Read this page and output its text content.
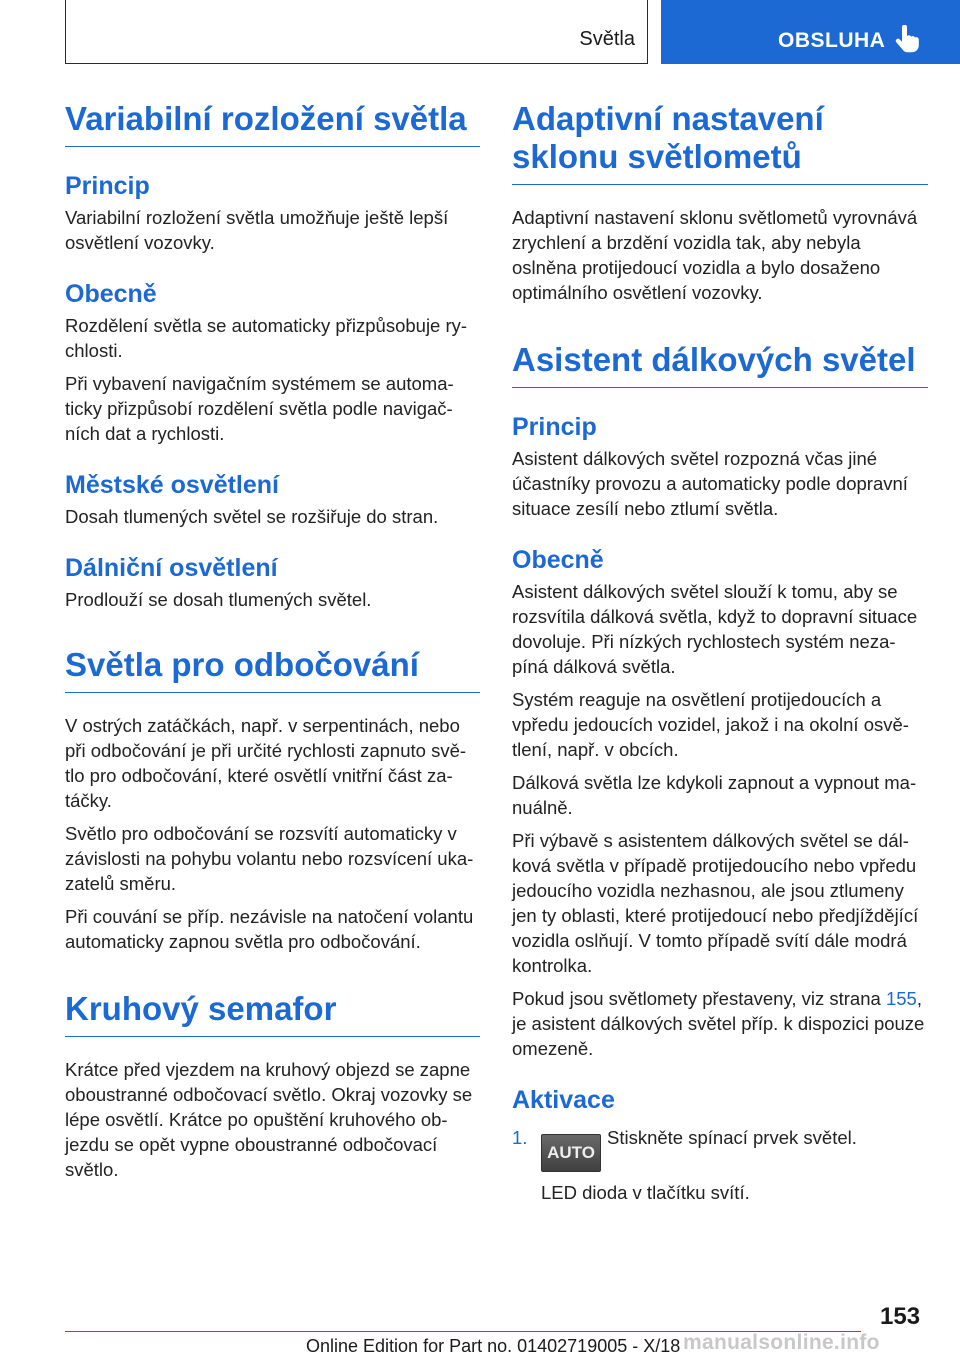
Světla	OBSLUHA
Variabilní rozložení světla
Princip

Variabilní rozložení světla umožňuje ještě lepší osvětlení vozovky.

Obecně

Rozdělení světla se automaticky přizpůsobuje ry-chlosti.

Při vybavení navigačním systémem se automa-ticky přizpůsobí rozdělení světla podle navigač-ních dat a rychlosti.

Městské osvětlení

Dosah tlumených světel se rozšiřuje do stran.

Dálniční osvětlení

Prodlouží se dosah tlumených světel.

Světla pro odbočování

V ostrých zatáčkách, např. v serpentinách, nebo při odbočování je při určité rychlosti zapnuto svě-tlo pro odbočování, které osvětlí vnitřní část za-táčky.

Světlo pro odbočování se rozsvítí automaticky v závislosti na pohybu volantu nebo rozsvícení uka-zatelů směru.

Při couvání se příp. nezávisle na natočení volantu automaticky zapnou světla pro odbočování.

Kruhový semafor

Krátce před vjezdem na kruhový objezd se zapne oboustranné odbočovací světlo. Okraj vozovky se lépe osvětlí. Krátce po opuštění kruhového ob-jezdu se opět vypne oboustranné odbočovací světlo.

Adaptivní nastavení sklonu světlometů

Adaptivní nastavení sklonu světlometů vyrovnává zrychlení a brzdění vozidla tak, aby nebyla oslněna protijedoucí vozidla a bylo dosaženo optimálního osvětlení vozovky.

Asistent dálkových světel
Princip

Asistent dálkových světel rozpozná včas jiné účastníky provozu a automaticky podle dopravní situace zesílí nebo ztlumí světla.

Obecně

Asistent dálkových světel slouží k tomu, aby se rozsvítila dálková světla, když to dopravní situace dovoluje. Při nízkých rychlostech systém neza-píná dálková světla.

Systém reaguje na osvětlení protijedoucích a vpředu jedoucích vozidel, jakož i na okolní osvě-tlení, např. v obcích.

Dálková světla lze kdykoli zapnout a vypnout ma-nuálně.

Při výbavě s asistentem dálkových světel se dál-ková světla v případě protijedoucího nebo vpředu jedoucího vozidla nezhasnou, ale jsou ztlumeny jen ty oblasti, které protijedoucí nebo předjíždějící vozidla oslňují. V tomto případě svítí dále modrá kontrolka.

Pokud jsou světlomety přestaveny, viz strana 155, je asistent dálkových světel příp. k dispozici pouze omezeně.

Aktivace
1.
AUTOStiskněte spínací prvek světel.
LED dioda v tlačítku svítí.
153
Online Edition for Part no. 01402719005 - X/18 manualsonline.info
